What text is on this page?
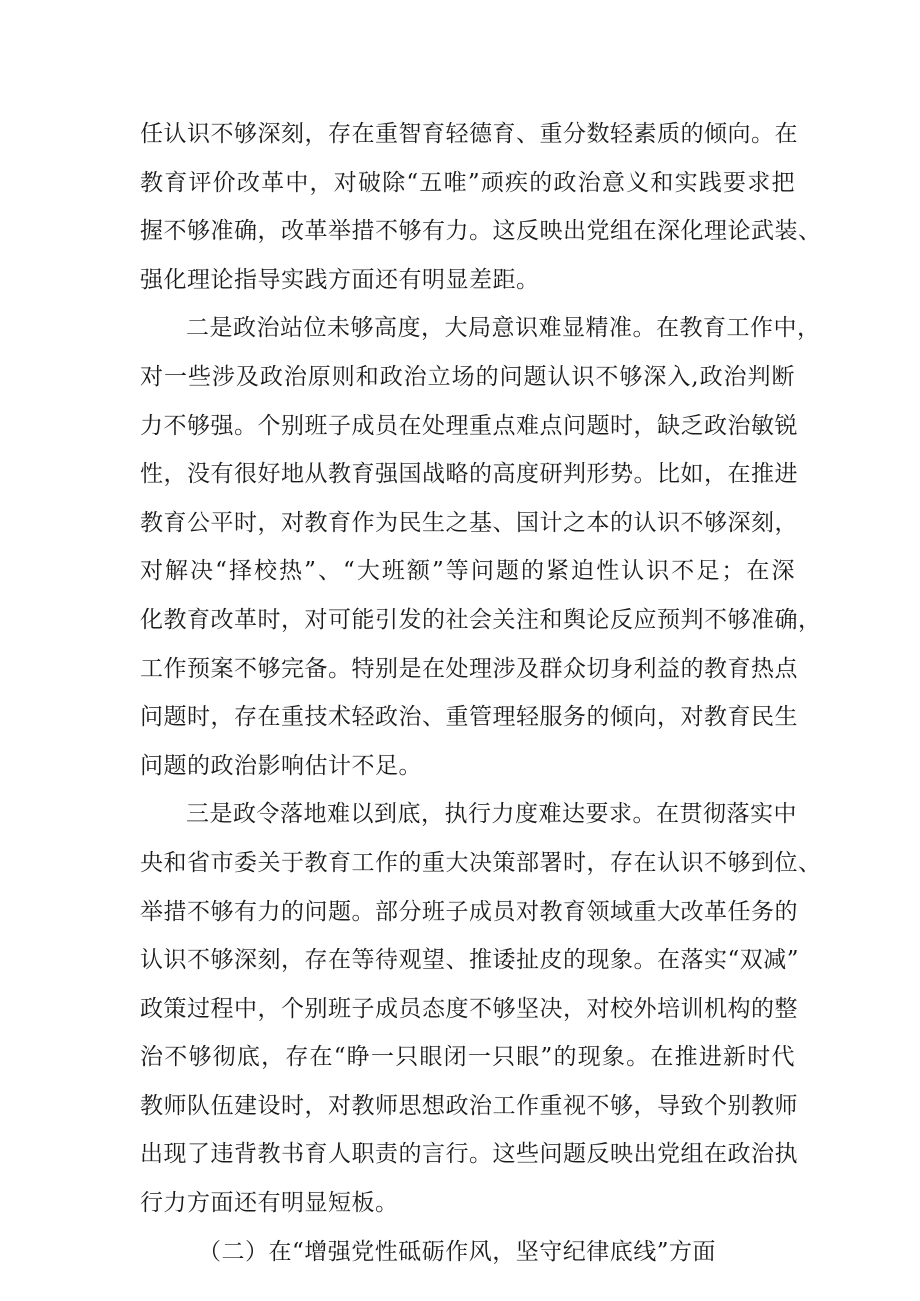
任认识不够深刻，存在重智育轻德育、重分数轻素质的倾向。在
教育评价改革中，对破除“五唯”顽疾的政治意义和实践要求把
握不够准确，改革举措不够有力。这反映出党组在深化理论武装、
强化理论指导实践方面还有明显差距。
二是政治站位未够高度，大局意识难显精准。在教育工作中，
对一些涉及政治原则和政治立场的问题认识不够深入,政治判断
力不够强。个别班子成员在处理重点难点问题时，缺乏政治敏锐
性，没有很好地从教育强国战略的高度研判形势。比如，在推进
教育公平时，对教育作为民生之基、国计之本的认识不够深刻，
对解决“择校热”、“大班额”等问题的紧迫性认识不足；在深
化教育改革时，对可能引发的社会关注和舆论反应预判不够准确，
工作预案不够完备。特别是在处理涉及群众切身利益的教育热点
问题时，存在重技术轻政治、重管理轻服务的倾向，对教育民生
问题的政治影响估计不足。
三是政令落地难以到底，执行力度难达要求。在贯彻落实中
央和省市委关于教育工作的重大决策部署时，存在认识不够到位、
举措不够有力的问题。部分班子成员对教育领域重大改革任务的
认识不够深刻，存在等待观望、推诿扯皮的现象。在落实“双减”
政策过程中，个别班子成员态度不够坚决，对校外培训机构的整
治不够彻底，存在“睁一只眼闭一只眼”的现象。在推进新时代
教师队伍建设时，对教师思想政治工作重视不够，导致个别教师
出现了违背教书育人职责的言行。这些问题反映出党组在政治执
行力方面还有明显短板。
（二）在“增强党性砥砺作风，坚守纪律底线”方面
